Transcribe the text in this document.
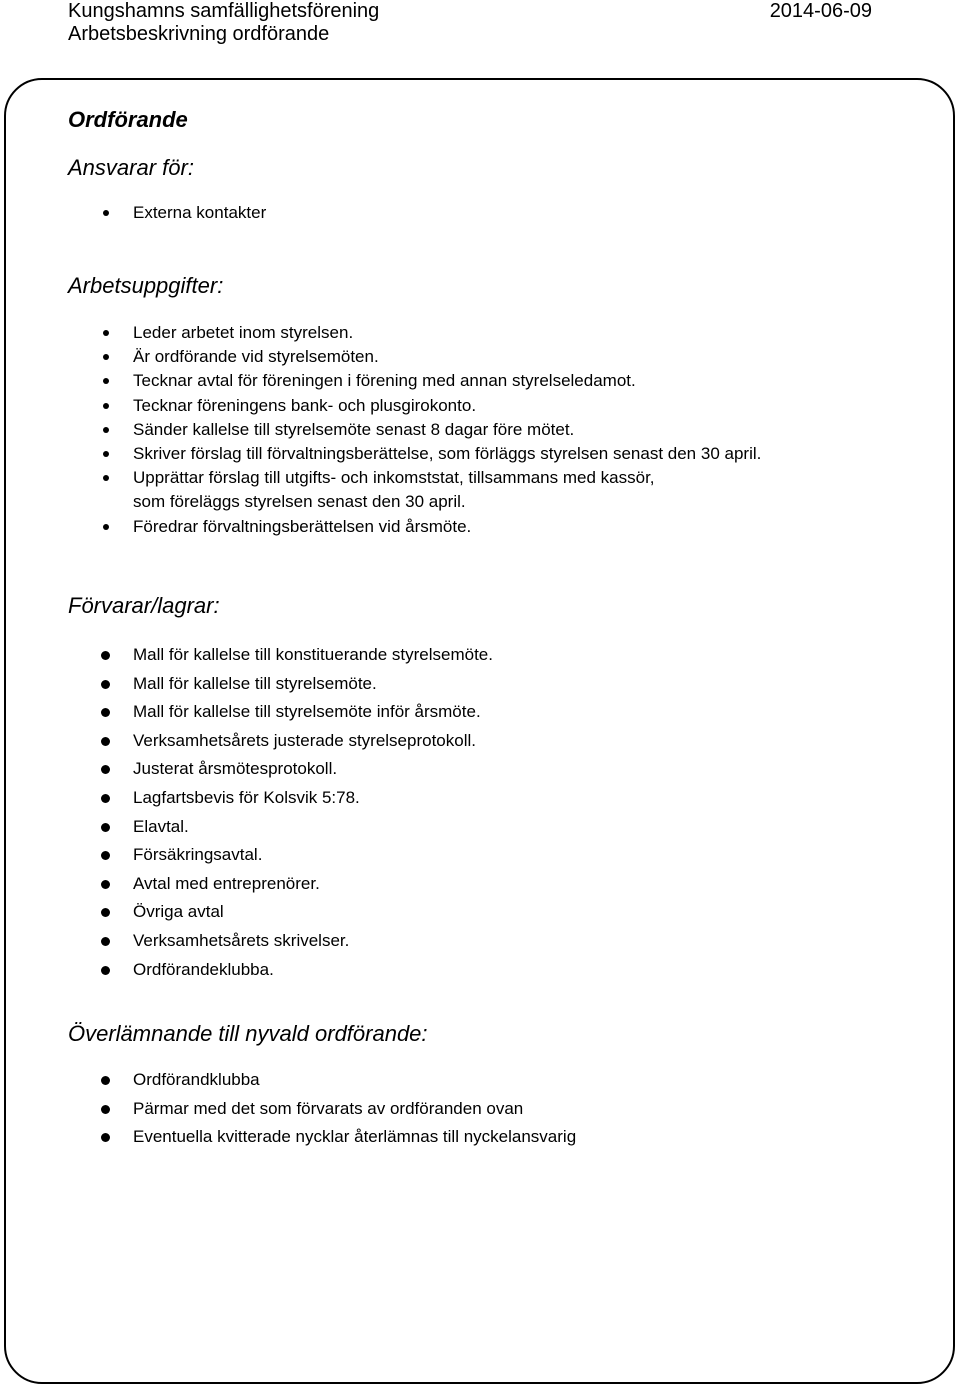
Kungshamns samfällighetsförening
Arbetsbeskrivning ordförande
2014-06-09
Ordförande
Ansvarar för:
Externa kontakter
Arbetsuppgifter:
Leder arbetet inom styrelsen.
Är ordförande vid styrelsemöten.
Tecknar avtal för föreningen i förening med annan styrelseledamot.
Tecknar föreningens bank- och plusgirokonto.
Sänder kallelse till styrelsemöte senast 8 dagar före mötet.
Skriver förslag till förvaltningsberättelse, som förläggs styrelsen senast den 30 april.
Upprättar förslag till utgifts- och inkomststat, tillsammans med kassör,
som föreläggs styrelsen senast den 30 april.
Föredrar förvaltningsberättelsen vid årsmöte.
Förvarar/lagrar:
Mall för kallelse till konstituerande styrelsemöte.
Mall för kallelse till styrelsemöte.
Mall för kallelse till styrelsemöte inför årsmöte.
Verksamhetsårets justerade styrelseprotokoll.
Justerat årsmötesprotokoll.
Lagfartsbevis för Kolsvik 5:78.
Elavtal.
Försäkringsavtal.
Avtal med entreprenörer.
Övriga avtal
Verksamhetsårets skrivelser.
Ordförandeklubba.
Överlämnande till nyvald ordförande:
Ordförandklubba
Pärmar med det som förvarats av ordföranden ovan
Eventuella kvitterade nycklar återlämnas till nyckelansvarig
